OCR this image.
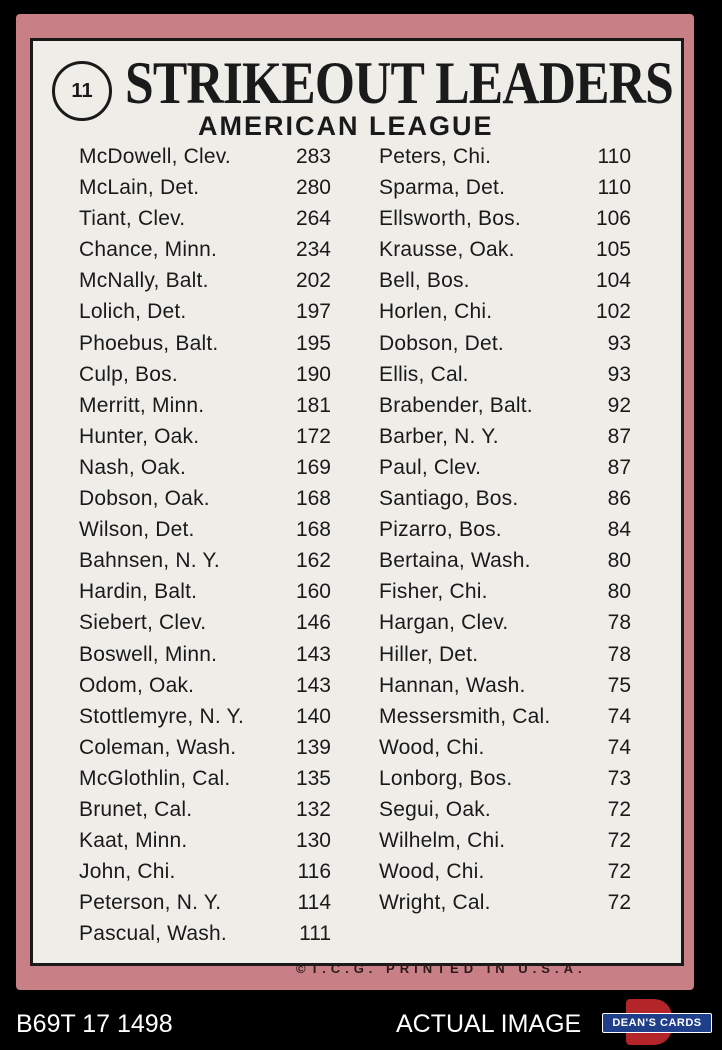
11 STRIKEOUT LEADERS
AMERICAN LEAGUE
McDowell, Clev.	283
McLain, Det.	280
Tiant, Clev.	264
Chance, Minn.	234
McNally, Balt.	202
Lolich, Det.	197
Phoebus, Balt.	195
Culp, Bos.	190
Merritt, Minn.	181
Hunter, Oak.	172
Nash, Oak.	169
Dobson, Oak.	168
Wilson, Det.	168
Bahnsen, N. Y.	162
Hardin, Balt.	160
Siebert, Clev.	146
Boswell, Minn.	143
Odom, Oak.	143
Stottlemyre, N. Y. 140
Coleman, Wash.	139
McGlothlin, Cal.	135
Brunet, Cal.	132
Kaat, Minn.	130
John, Chi.	116
Peterson, N. Y.	114
Pascual, Wash.	111
Peters, Chi.	110
Sparma, Det.	110
Ellsworth, Bos.	106
Krausse, Oak.	105
Bell, Bos.	104
Horlen, Chi.	102
Dobson, Det.	93
Ellis, Cal.	93
Brabender, Balt.	92
Barber, N. Y.	87
Paul, Clev.	87
Santiago, Bos.	86
Pizarro, Bos.	84
Bertaina, Wash.	80
Fisher, Chi.	80
Hargan, Clev.	78
Hiller, Det.	78
Hannan, Wash.	75
Messersmith, Cal.	74
Wood, Chi.	74
Lonborg, Bos.	73
Segui, Oak.	72
Wilhelm, Chi.	72
Wood, Chi.	72
Wright, Cal.	72
©T.C.G. PRINTED IN U.S.A.
B69T 17 1498	ACTUAL IMAGE	DEAN'S CARDS
